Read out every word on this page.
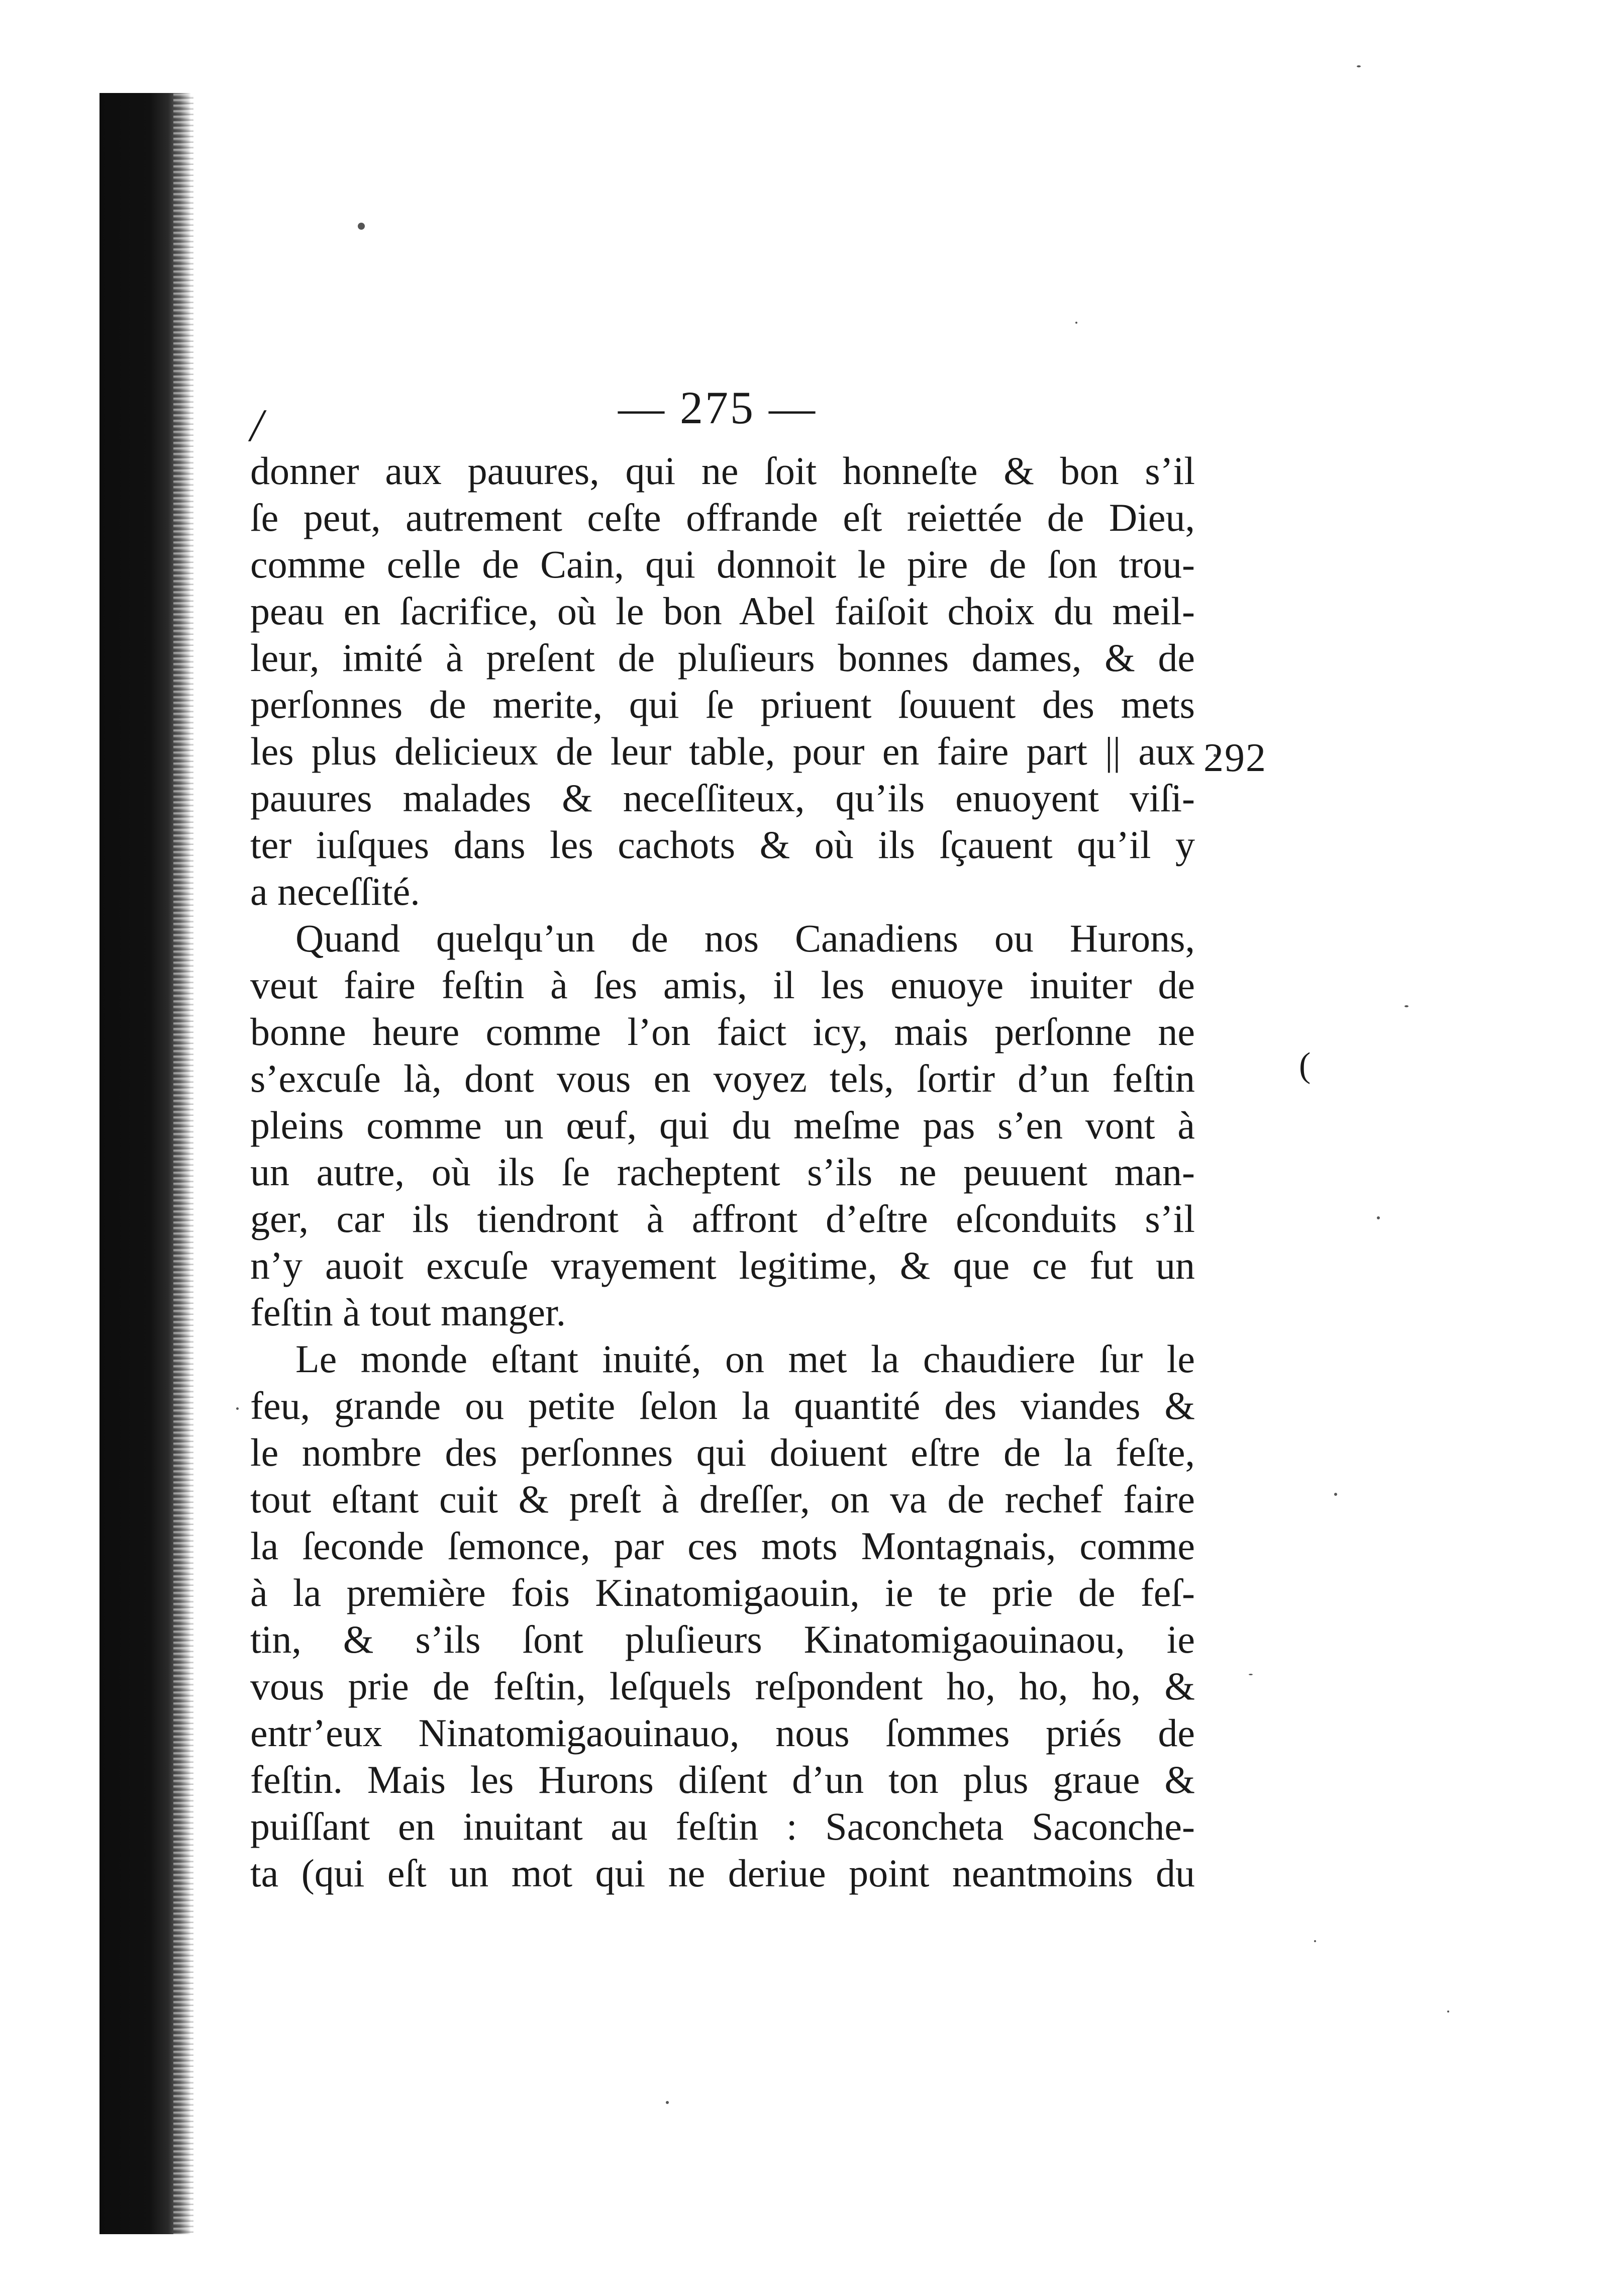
/	— 275 —
292
(
donner aux pauures, qui ne ſoit honneſte & bon s’il
ſe peut, autrement ceſte offrande eſt reiettée de Dieu,
comme celle de Cain, qui donnoit le pire de ſon trou-
peau en ſacrifice, où le bon Abel faiſoit choix du meil-
leur, imité à preſent de pluſieurs bonnes dames, & de
perſonnes de merite, qui ſe priuent ſouuent des mets
les plus delicieux de leur table, pour en faire part || aux
pauures malades & neceſſiteux, qu’ils enuoyent viſi-
ter iuſques dans les cachots & où ils ſçauent qu’il y
a neceſſité.
Quand quelqu’un de nos Canadiens ou Hurons,
veut faire feſtin à ſes amis, il les enuoye inuiter de
bonne heure comme l’on faict icy, mais perſonne ne
s’excuſe là, dont vous en voyez tels, ſortir d’un feſtin
pleins comme un œuf, qui du meſme pas s’en vont à
un autre, où ils ſe racheptent s’ils ne peuuent man-
ger, car ils tiendront à affront d’eſtre eſconduits s’il
n’y auoit excuſe vrayement legitime, & que ce fut un
feſtin à tout manger.
Le monde eſtant inuité, on met la chaudiere ſur le
feu, grande ou petite ſelon la quantité des viandes &
le nombre des perſonnes qui doiuent eſtre de la feſte,
tout eſtant cuit & preſt à dreſſer, on va de rechef faire
la ſeconde ſemonce, par ces mots Montagnais, comme
à la première fois Kinatomigaouin, ie te prie de feſ-
tin, & s’ils ſont pluſieurs Kinatomigaouinaou, ie
vous prie de feſtin, leſquels reſpondent ho, ho, ho, &
entr’eux Ninatomigaouinauo, nous ſommes priés de
feſtin. Mais les Hurons diſent d’un ton plus graue &
puiſſant en inuitant au feſtin : Saconcheta Saconche-
ta (qui eſt un mot qui ne deriue point neantmoins du
